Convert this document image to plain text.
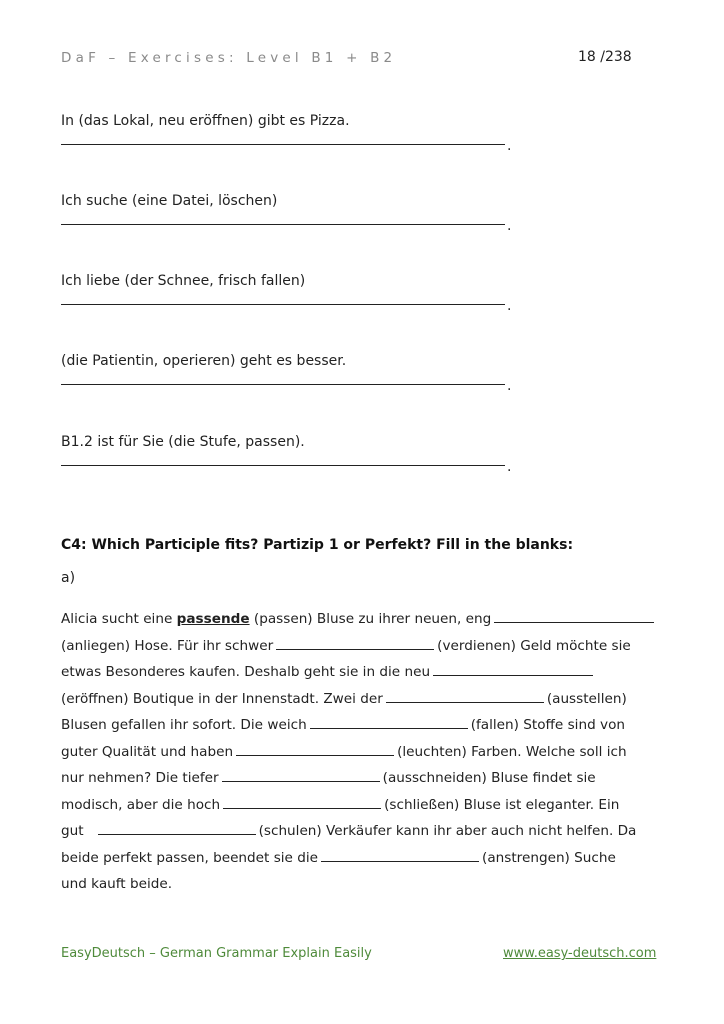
DaF – Exercises: Level B1 + B2	18 /238
In (das Lokal, neu eröffnen) gibt es Pizza.
.
Ich suche (eine Datei, löschen)
.
Ich liebe (der Schnee, frisch fallen)
.
(die Patientin, operieren) geht es besser.
.
B1.2 ist für Sie (die Stufe, passen).
.
C4: Which Participle fits? Partizip 1 or Perfekt? Fill in the blanks:
a)
Alicia sucht eine
passende
(passen) Bluse zu ihrer neuen, eng
(anliegen) Hose. Für ihr schwer	(verdienen) Geld möchte sie
etwas Besonderes kaufen. Deshalb geht sie in die neu
(eröffnen) Boutique in der Innenstadt. Zwei der	(ausstellen)
Blusen gefallen ihr sofort. Die weich	(fallen) Stoffe sind von
guter Qualität und haben	(leuchten) Farben. Welche soll ich
nur nehmen? Die tiefer	(ausschneiden) Bluse findet sie
modisch, aber die hoch	(schließen) Bluse ist eleganter. Ein
gut	(schulen) Verkäufer kann ihr aber auch nicht helfen. Da
beide perfekt passen, beendet sie die	(anstrengen) Suche
und kauft beide.
EasyDeutsch – German Grammar Explain Easily	www.easy-deutsch.com
